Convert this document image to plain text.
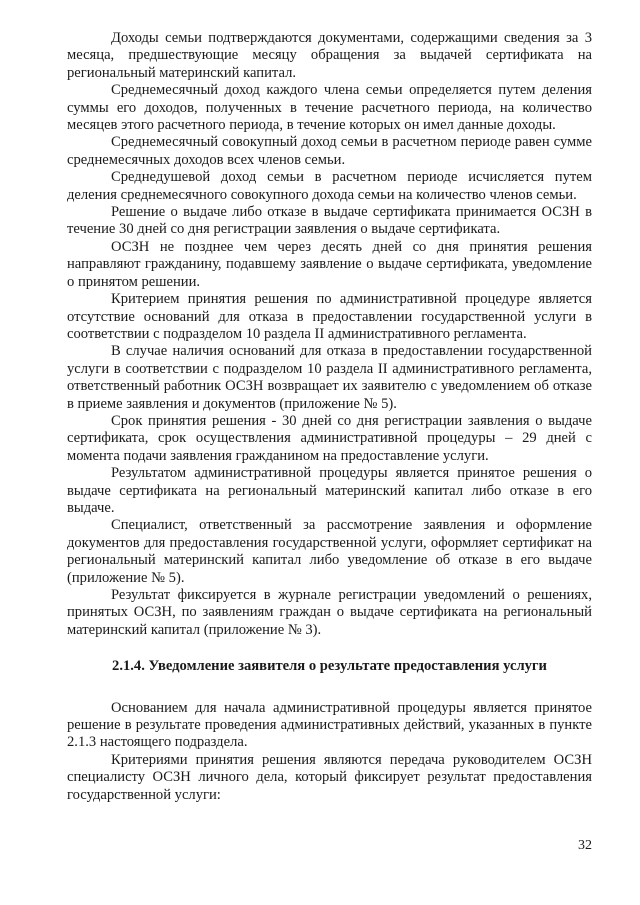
Доходы семьи подтверждаются документами, содержащими сведения за 3 месяца, предшествующие месяцу обращения за выдачей сертификата на региональный материнский капитал.

Среднемесячный доход каждого члена семьи определяется путем деления суммы его доходов, полученных в течение расчетного периода, на количество месяцев этого расчетного периода, в течение которых он имел данные доходы.

Среднемесячный совокупный доход семьи в расчетном периоде равен сумме среднемесячных доходов всех членов семьи.

Среднедушевой доход семьи в расчетном периоде исчисляется путем деления среднемесячного совокупного дохода семьи на количество членов семьи.

Решение о выдаче либо отказе в выдаче сертификата принимается ОСЗН в течение 30 дней со дня регистрации заявления о выдаче сертификата.

ОСЗН не позднее чем через десять дней со дня принятия решения направляют гражданину, подавшему заявление о выдаче сертификата, уведомление о принятом решении.

Критерием принятия решения по административной процедуре является отсутствие оснований для отказа в предоставлении государственной услуги в соответствии с подразделом 10 раздела II административного регламента.

В случае наличия оснований для отказа в предоставлении государственной услуги в соответствии с подразделом 10 раздела II административного регламента, ответственный работник ОСЗН возвращает их заявителю с уведомлением об отказе в приеме заявления и документов (приложение № 5).

Срок принятия решения - 30 дней со дня регистрации заявления о выдаче сертификата, срок осуществления административной процедуры – 29 дней с момента подачи заявления гражданином на предоставление услуги.

Результатом административной процедуры является принятое решения о выдаче сертификата на региональный материнский капитал либо отказе в его выдаче.

Специалист, ответственный за рассмотрение заявления и оформление документов для предоставления государственной услуги, оформляет сертификат на региональный материнский капитал либо уведомление об отказе в его выдаче (приложение № 5).

Результат фиксируется в журнале регистрации уведомлений о решениях, принятых ОСЗН, по заявлениям граждан о выдаче сертификата на региональный материнский капитал (приложение № 3).

2.1.4. Уведомление заявителя о результате предоставления услуги

Основанием для начала административной процедуры является принятое решение в результате проведения административных действий, указанных в пункте 2.1.3 настоящего подраздела.

Критериями принятия решения являются передача руководителем ОСЗН специалисту ОСЗН личного дела, который фиксирует результат предоставления государственной услуги:

32
